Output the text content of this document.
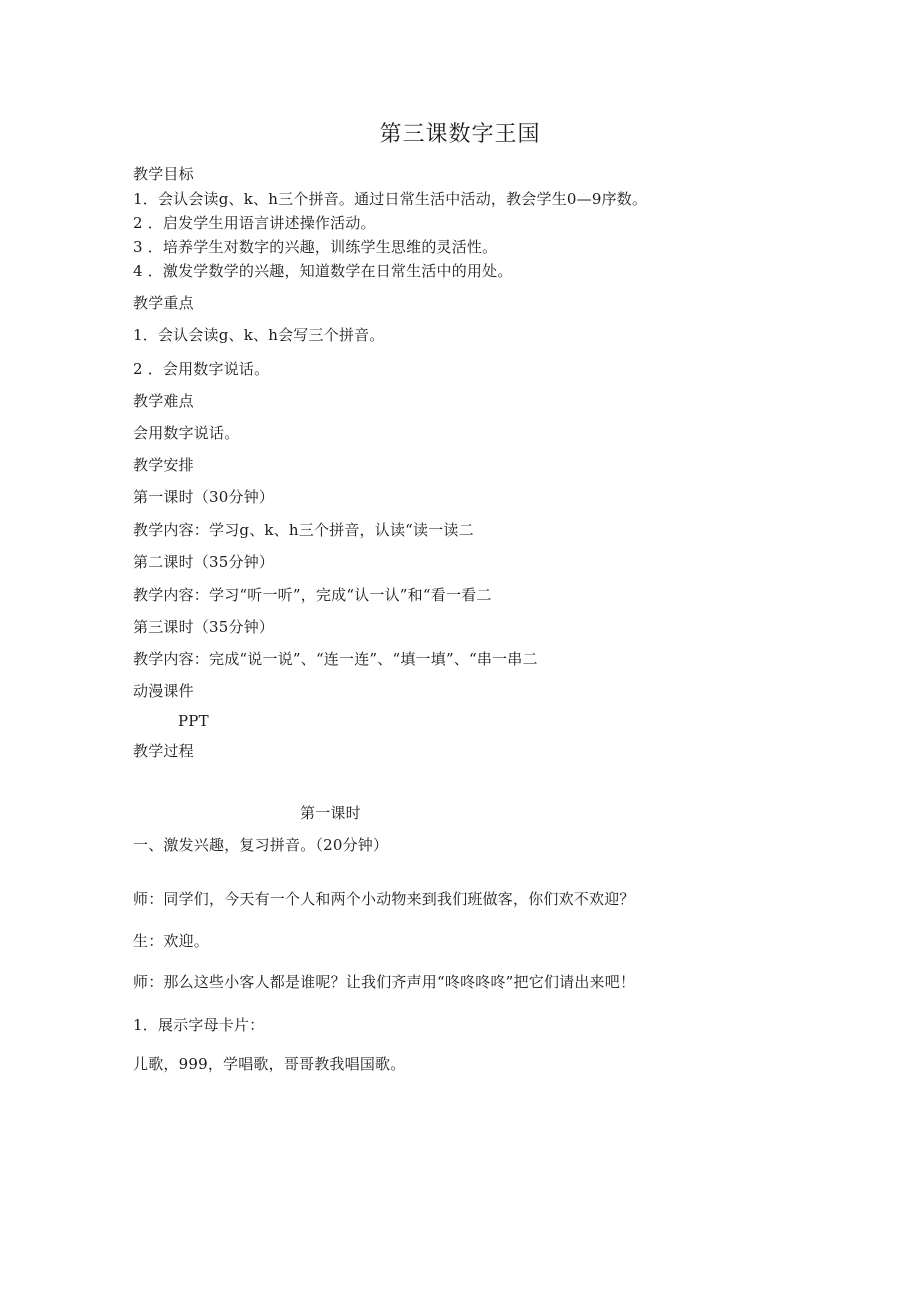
第三课数字王国
教学目标
1．会认会读g、k、h三个拼音。通过日常生活中活动，教会学生0—9序数。
2 ．启发学生用语言讲述操作活动。
3 ．培养学生对数字的兴趣，训练学生思维的灵活性。
4 ．激发学数学的兴趣，知道数学在日常生活中的用处。
教学重点
1．会认会读g、k、h会写三个拼音。
2 ．会用数字说话。
教学难点
会用数字说话。
教学安排
第一课时（30分钟）
教学内容：学习g、k、h三个拼音，认读“读一读二
第二课时（35分钟）
教学内容：学习“听一听”，完成“认一认”和“看一看二
第三课时（35分钟）
教学内容：完成“说一说”、“连一连”、“填一填”、“串一串二
动漫课件
PPT
教学过程
第一课时
一、激发兴趣，复习拼音。（20分钟）
师：同学们，今天有一个人和两个小动物来到我们班做客，你们欢不欢迎？
生：欢迎。
师：那么这些小客人都是谁呢？让我们齐声用“咚咚咚咚”把它们请出来吧！
1．展示字母卡片：
儿歌，999，学唱歌，哥哥教我唱国歌。
